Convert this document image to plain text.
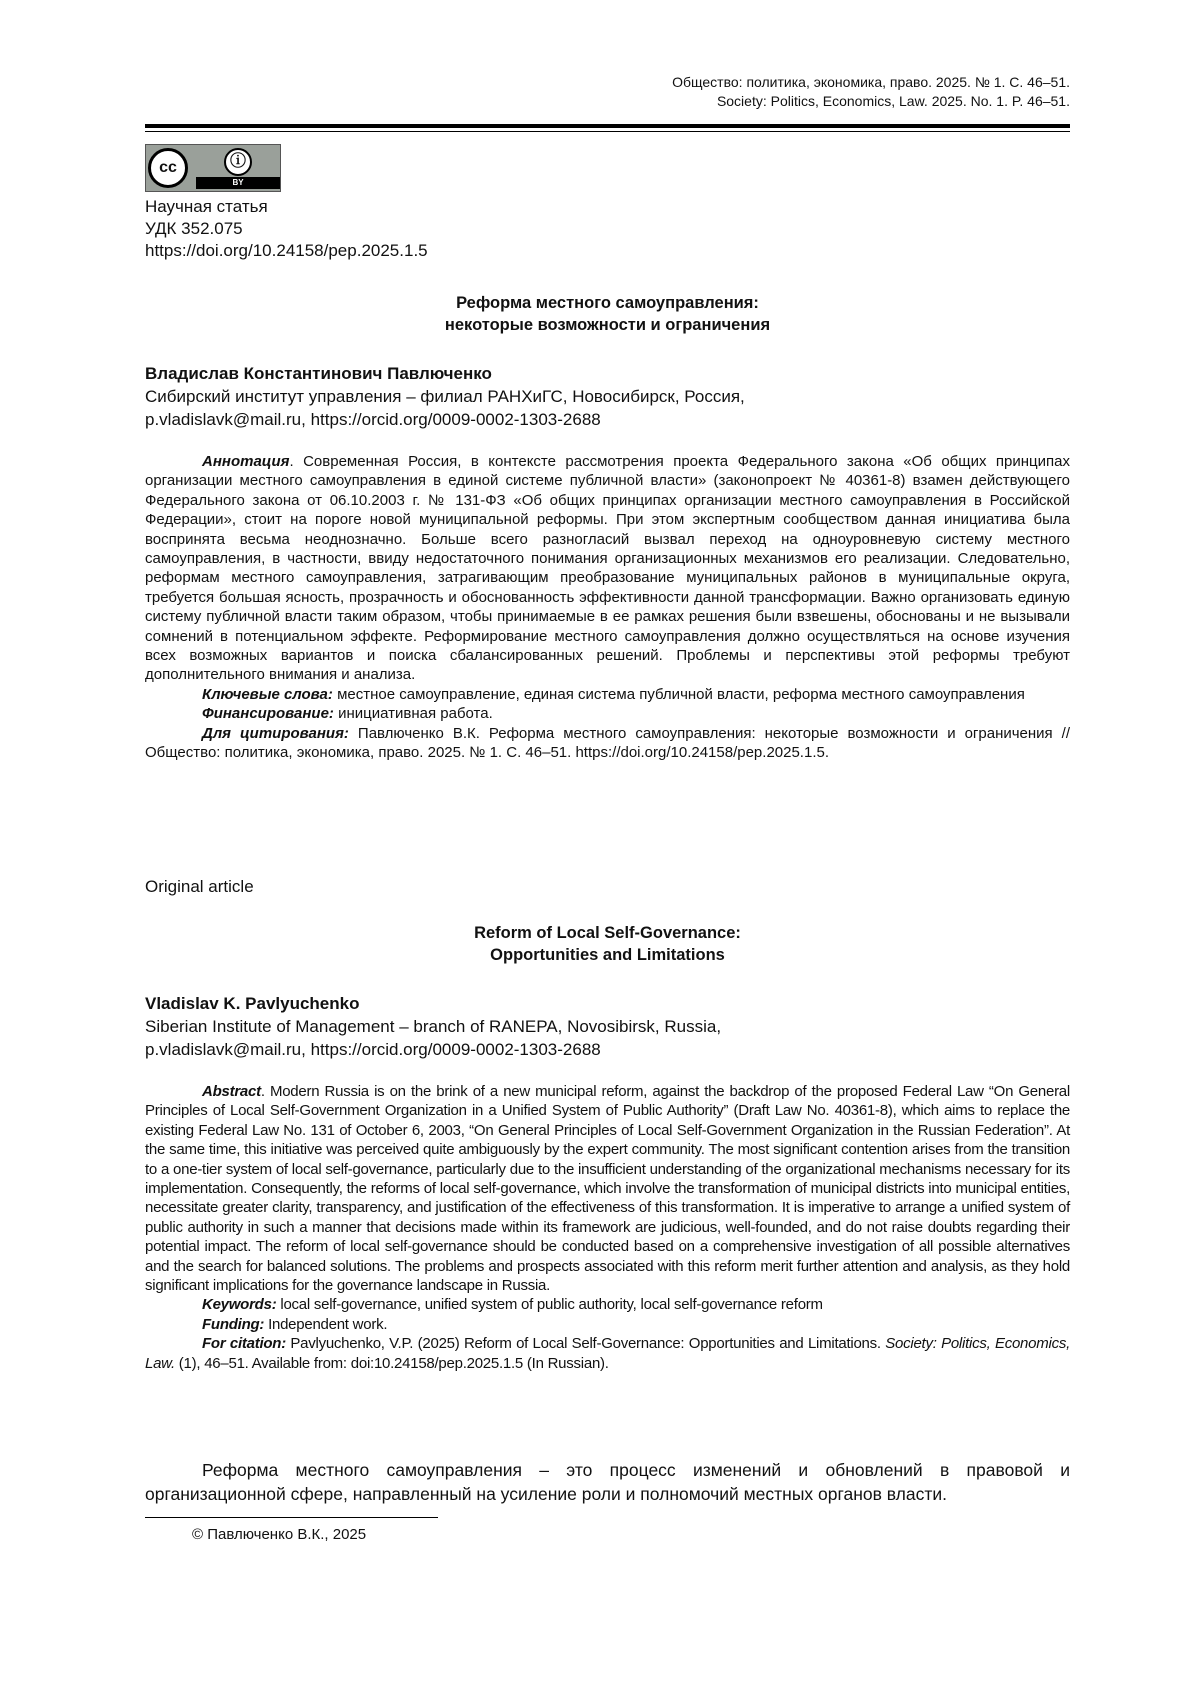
Общество: политика, экономика, право. 2025. № 1. С. 46–51.
Society: Politics, Economics, Law. 2025. No. 1. P. 46–51.
cc	ⓘ
BY
Научная статья
УДК 352.075
https://doi.org/10.24158/pep.2025.1.5
Реформа местного самоуправления:
некоторые возможности и ограничения
Владислав Константинович Павлюченко
Сибирский институт управления – филиал РАНХиГС, Новосибирск, Россия,
p.vladislavk@mail.ru, https://orcid.org/0009-0002-1303-2688

Аннотация. Современная Россия, в контексте рассмотрения проекта Федерального закона «Об общих принципах организации местного самоуправления в единой системе публичной власти» (законопроект № 40361-8) взамен действующего Федерального закона от 06.10.2003 г. № 131-ФЗ «Об общих принципах организации местного самоуправления в Российской Федерации», стоит на пороге новой муниципальной реформы. При этом экспертным сообществом данная инициатива была воспринята весьма неоднозначно. Больше всего разногласий вызвал переход на одноуровневую систему местного самоуправления, в частности, ввиду недостаточного понимания организационных механизмов его реализации. Следовательно, реформам местного самоуправления, затрагивающим преобразование муниципальных районов в муниципальные округа, требуется большая ясность, прозрачность и обоснованность эффективности данной трансформации. Важно организовать единую систему публичной власти таким образом, чтобы принимаемые в ее рамках решения были взвешены, обоснованы и не вызывали сомнений в потенциальном эффекте. Реформирование местного самоуправления должно осуществляться на основе изучения всех возможных вариантов и поиска сбалансированных решений. Проблемы и перспективы этой реформы требуют дополнительного внимания и анализа.

Ключевые слова: местное самоуправление, единая система публичной власти, реформа местного самоуправления

Финансирование: инициативная работа.

Для цитирования: Павлюченко В.К. Реформа местного самоуправления: некоторые возможности и ограничения // Общество: политика, экономика, право. 2025. № 1. С. 46–51. https://doi.org/10.24158/pep.2025.1.5.

Original article
Reform of Local Self-Governance:
Opportunities and Limitations
Vladislav K. Pavlyuchenko
Siberian Institute of Management – branch of RANEPA, Novosibirsk, Russia,
p.vladislavk@mail.ru, https://orcid.org/0009-0002-1303-2688

Abstract. Modern Russia is on the brink of a new municipal reform, against the backdrop of the proposed Federal Law “On General Principles of Local Self-Government Organization in a Unified System of Public Authority” (Draft Law No. 40361-8), which aims to replace the existing Federal Law No. 131 of October 6, 2003, “On General Principles of Local Self-Government Organization in the Russian Federation”. At the same time, this initiative was perceived quite ambiguously by the expert community. The most significant contention arises from the transition to a one-tier system of local self-governance, particularly due to the insufficient understanding of the organizational mechanisms necessary for its implementation. Consequently, the reforms of local self-governance, which involve the transformation of municipal districts into municipal entities, necessitate greater clarity, transparency, and justification of the effectiveness of this transformation. It is imperative to arrange a unified system of public authority in such a manner that decisions made within its framework are judicious, well-founded, and do not raise doubts regarding their potential impact. The reform of local self-governance should be conducted based on a comprehensive investigation of all possible alternatives and the search for balanced solutions. The problems and prospects associated with this reform merit further attention and analysis, as they hold significant implications for the governance landscape in Russia.

Keywords: local self-governance, unified system of public authority, local self-governance reform

Funding: Independent work.

For citation: Pavlyuchenko, V.P. (2025) Reform of Local Self-Governance: Opportunities and Limitations. Society: Politics, Economics, Law. (1), 46–51. Available from: doi:10.24158/pep.2025.1.5 (In Russian).

Реформа местного самоуправления – это процесс изменений и обновлений в правовой и организационной сфере, направленный на усиление роли и полномочий местных органов власти.

© Павлюченко В.К., 2025
